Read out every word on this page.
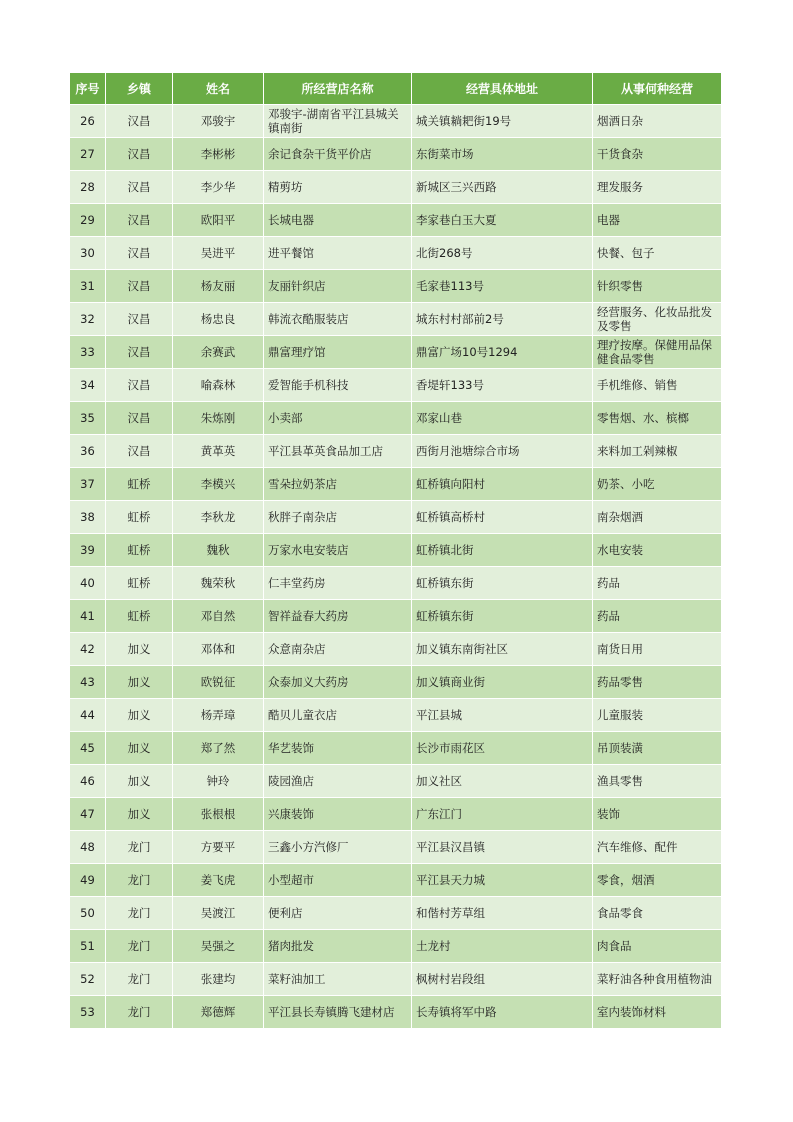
序号	乡镇	姓名	所经营店名称	经营具体地址	从事何种经营
26	汉昌	邓骏宇	邓骏宇-湖南省平江县城关镇南街	城关镇耥耙街19号	烟酒日杂
27	汉昌	李彬彬	余记食杂干货平价店	东街菜市场	干货食杂
28	汉昌	李少华	精剪坊	新城区三兴西路	理发服务
29	汉昌	欧阳平	长城电器	李家巷白玉大夏	电器
30	汉昌	吴进平	进平餐馆	北街268号	快餐、包子
31	汉昌	杨友丽	友丽针织店	毛家巷113号	针织零售
32	汉昌	杨忠良	韩流衣酷服装店	城东村村部前2号	经营服务、化妆品批发及零售
33	汉昌	余赛武	鼎富理疗馆	鼎富广场10号1294	理疗按摩。保健用品保健食品零售
34	汉昌	喻森林	爱智能手机科技	香堤轩133号	手机维修、销售
35	汉昌	朱炼刚	小卖部	邓家山巷	零售烟、水、槟榔
36	汉昌	黄革英	平江县革英食品加工店	西街月池塘综合市场	来料加工剁辣椒
37	虹桥	李模兴	雪朵拉奶茶店	虹桥镇向阳村	奶茶、小吃
38	虹桥	李秋龙	秋胖子南杂店	虹桥镇高桥村	南杂烟酒
39	虹桥	魏秋	万家水电安装店	虹桥镇北街	水电安装
40	虹桥	魏荣秋	仁丰堂药房	虹桥镇东街	药品
41	虹桥	邓自然	智祥益春大药房	虹桥镇东街	药品
42	加义	邓体和	众意南杂店	加义镇东南街社区	南货日用
43	加义	欧锐征	众泰加义大药房	加义镇商业街	药品零售
44	加义	杨弄璋	酷贝儿童衣店	平江县城	儿童服装
45	加义	郑了然	华艺装饰	长沙市雨花区	吊顶装潢
46	加义	钟玲	陵园渔店	加义社区	渔具零售
47	加义	张根根	兴康装饰	广东江门	装饰
48	龙门	方要平	三鑫小方汽修厂	平江县汉昌镇	汽车维修、配件
49	龙门	姜飞虎	小型超市	平江县天力城	零食，烟酒
50	龙门	吴渡江	便利店	和偕村芳草组	食品零食
51	龙门	吴强之	猪肉批发	土龙村	肉食品
52	龙门	张建均	菜籽油加工	枫树村岩段组	菜籽油各种食用植物油
53	龙门	郑德辉	平江县长寿镇腾飞建材店	长寿镇将军中路	室内装饰材料
